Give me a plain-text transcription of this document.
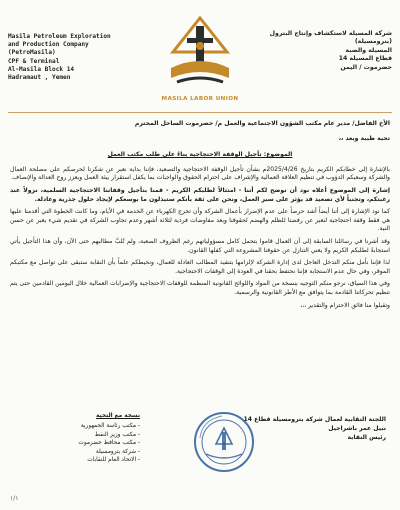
Masila Petroleum Exploration
and Production Company
(PetroMasila)
CPF & Terminal
Al-Masila Block 14
Hadramaut , Yemen
MASILA LABOR UNION
شركة المسيلة لاستكشاف وإنتاج البترول
(بترومسيلة)
المسيلة والضبة
قطاع المسيلة 14
حضرموت / اليمن
الأخ الفاضل/ مدير عام مكتب الشؤون الاجتماعية والعمل م/ حضرموت الساحل المحترم
تحية طيبة وبعد ،،
الموضوع: تأجيل الوقفة الاحتجاجية بناءً على طلب مكتب العمل
بالإشارة إلى خطابكم الكريم بتاريخ 2025/4/26م بشأن تأجيل الوقفة الاحتجاجية والتصعيد، فإننا بداية نعبر عن شكرنا لحرصكم على مصلحة العمال والشركة وسعيكم الدؤوب في تنظيم العلاقة العمالية والإشراف على احترام الحقوق والواجبات بما يكفل استقرار بيئة العمل ويعزز روح العدالة والإنصاف.
إشارة إلى الموضوع أعلاه نود أن نوضح لكم أننا - امتثالاً لطلبكم الكريم - قمنا بتأجيل وقفاتنا الاحتجاجية السلمية، نزولاً عند رغبتكم، وتجنباً لأي تصعيد قد يؤثر على سير العمل، ونحن على ثقة بأنكم ستبذلون ما بوسعكم لإيجاد حلول جذرية وعادلة.
كما نود الإشارة إلى أننا أيضاً أشد حرصاً على عدم الإضرار بأعمال الشركة وأن تخرج الكهرباء عن الخدمة في الأيام، وما كانت الخطوة التي أقدمنا عليها هي فقط وقفة احتجاجية لنعبر عن رفضنا للظلم والهضم لحقوقنا وبعد مفاوضات فردية لثلاثة أشهر وعدم تجاوب الشركة في تقديم شيء يعبر عن حسن النية.
وقد أشرنا في رسائلنا السابقة إلى أن العمال قاموا بتحمل كامل مسؤولياتهم رغم الظروف الصعبة، ولم تُلبَّ مطالبهم حتى الآن، وأن هذا التأجيل يأتي استجابةً لطلبكم الكريم ولا يعني التنازل عن حقوقنا المشروعة التي كفلها القانون.
لذا فإننا نأمل منكم التدخل العاجل لدى إدارة الشركة لإلزامها بتنفيذ المطالب العادلة للعمال، ونحيطكم علماً بأن النقابة ستبقى على تواصل مع مكتبكم الموقر، وفي حال عدم الاستجابة فإننا نحتفظ بحقنا في العودة إلى الوقفات الاحتجاجية.
وفي هذا السياق، نرجو منكم التوجيه بنسخة من المواد واللوائح القانونية المنظمة للوقفات الاحتجاجية والإضرابات العمالية خلال اليومين القادمين حتى يتم تنظيم تحركاتنا القادمة بما يتوافق مع الأطر القانونية والرسمية.
وتقبلوا منا فائق الاحترام والتقدير ،،،
اللجنة النقابية لعمال شركة بترومسيلة قطاع 14
نبيل عمر باشراحيل
رئيس النقابة
نسخة مع التحية
- مكتب رئاسة الجمهورية
- مكتب وزير النفط
- مكتب محافظ حضرموت
- شركة بترومسيلة
- الاتحاد العام للنقابات
١/١
